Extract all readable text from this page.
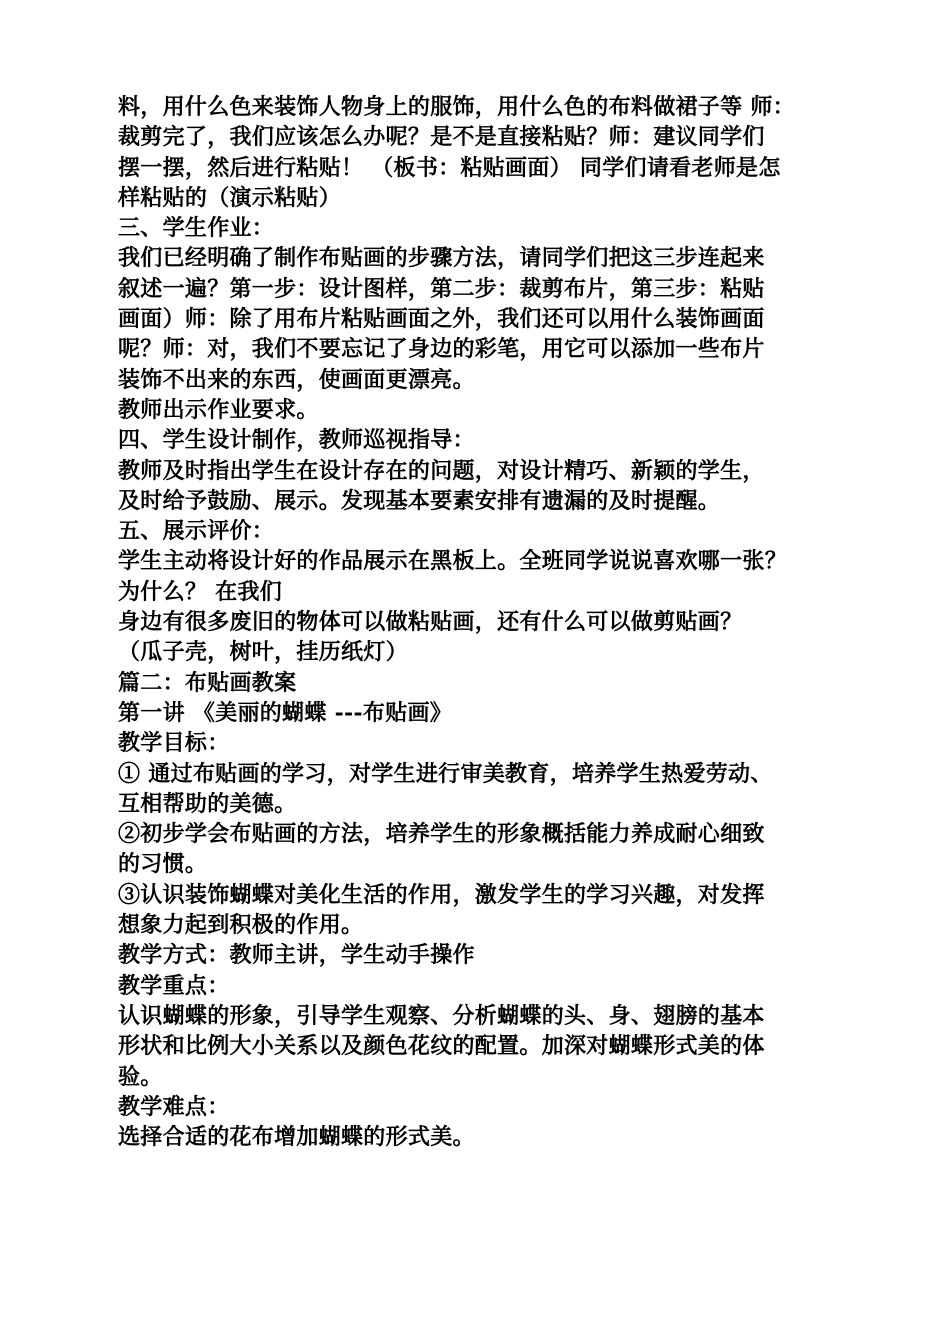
料，用什么色来装饰人物身上的服饰，用什么色的布料做裙子等 师：
裁剪完了，我们应该怎么办呢？是不是直接粘贴？师：建议同学们
摆一摆，然后进行粘贴！ （板书：粘贴画面） 同学们请看老师是怎
样粘贴的（演示粘贴）
三、学生作业：
我们已经明确了制作布贴画的步骤方法，请同学们把这三步连起来
叙述一遍？第一步：设计图样，第二步：裁剪布片，第三步：粘贴
画面）师：除了用布片粘贴画面之外，我们还可以用什么装饰画面
呢？师：对，我们不要忘记了身边的彩笔，用它可以添加一些布片
装饰不出来的东西，使画面更漂亮。
教师出示作业要求。
四、学生设计制作，教师巡视指导：
教师及时指出学生在设计存在的问题，对设计精巧、新颖的学生，
及时给予鼓励、展示。发现基本要素安排有遗漏的及时提醒。
五、展示评价：
学生主动将设计好的作品展示在黑板上。全班同学说说喜欢哪一张？
为什么？ 在我们
身边有很多废旧的物体可以做粘贴画，还有什么可以做剪贴画？
（瓜子壳，树叶，挂历纸灯）
篇二：布贴画教案
第一讲 《美丽的蝴蝶 ---布贴画》
教学目标：
① 通过布贴画的学习，对学生进行审美教育，培养学生热爱劳动、
互相帮助的美德。
②初步学会布贴画的方法，培养学生的形象概括能力养成耐心细致
的习惯。
③认识装饰蝴蝶对美化生活的作用，激发学生的学习兴趣，对发挥
想象力起到积极的作用。
教学方式：教师主讲，学生动手操作
教学重点：
认识蝴蝶的形象，引导学生观察、分析蝴蝶的头、身、翅膀的基本
形状和比例大小关系以及颜色花纹的配置。加深对蝴蝶形式美的体
验。
教学难点：
选择合适的花布增加蝴蝶的形式美。
